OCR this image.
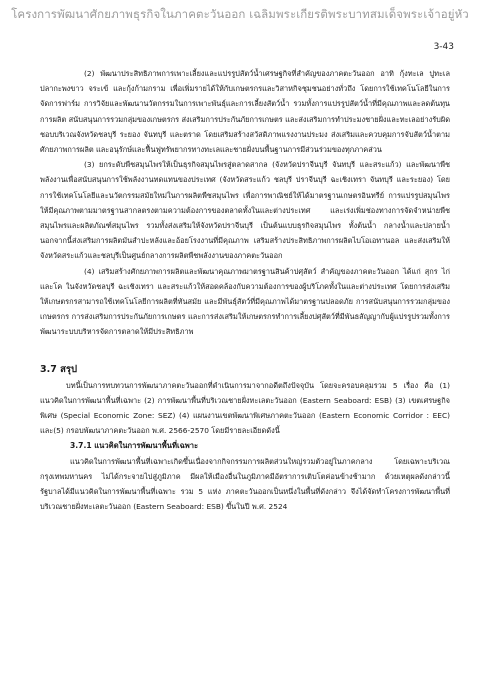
โครงการพัฒนาศักยภาพธุรกิจในภาคตะวันออก เฉลิมพระเกียรติพระบาทสมเด็จพระเจ้าอยู่หัว
3-43

(2) พัฒนาประสิทธิภาพการเพาะเลี้ยงและแปรรูปสัตว์น้ำเศรษฐกิจที่สำคัญของภาคตะวันออก อาทิ กุ้งทะเล ปูทะเล ปลากะพงขาว จระเข้ และกุ้งก้ามกราม เพื่อเพิ่มรายได้ให้กับเกษตรกรและวิสาหกิจชุมชนอย่างทั่วถึง โดยการใช้เทคโนโลยีในการจัดการฟาร์ม การวิจัยและพัฒนานวัตกรรมในการเพาะพันธุ์และการเลี้ยงสัตว์น้ำ รวมทั้งการแปรรูปสัตว์น้ำที่มีคุณภาพและลดต้นทุนการผลิต สนับสนุนการรวมกลุ่มของเกษตรกร ส่งเสริมการประกันภัยการเกษตร และส่งเสริมการทำประมงชายฝั่งและทะเลอย่างรับผิดชอบบริเวณจังหวัดชลบุรี ระยอง จันทบุรี และตราด โดยเสริมสร้างสวัสดิภาพแรงงานประมง ส่งเสริมและควบคุมการจับสัตว์น้ำตามศักยภาพการผลิต และอนุรักษ์และฟื้นฟูทรัพยากรทางทะเลและชายฝั่งบนพื้นฐานการมีส่วนร่วมของทุกภาคส่วน

(3) ยกระดับพืชสมุนไพรให้เป็นธุรกิจสมุนไพรสู่ตลาดสากล (จังหวัดปราจีนบุรี จันทบุรี และสระแก้ว) และพัฒนาพืชพลังงานเพื่อสนับสนุนการใช้พลังงานทดแทนของประเทศ (จังหวัดสระแก้ว ชลบุรี ปราจีนบุรี ฉะเชิงเทรา จันทบุรี และระยอง) โดยการใช้เทคโนโลยีและนวัตกรรมสมัยใหม่ในการผลิตพืชสมุนไพร เพื่อการพาณิชย์ให้ได้มาตรฐานเกษตรอินทรีย์ การแปรรูปสมุนไพรให้มีคุณภาพตามมาตรฐานสากลตรงตามความต้องการของตลาดทั้งในและต่างประเทศ และเร่งเพิ่มช่องทางการจัดจำหน่ายพืชสมุนไพรและผลิตภัณฑ์สมุนไพร รวมทั้งส่งเสริมให้จังหวัดปราจีนบุรี เป็นต้นแบบธุรกิจสมุนไพร ทั้งต้นน้ำ กลางน้ำและปลายน้ำ นอกจากนี้ส่งเสริมการผลิตมันสำปะหลังและอ้อยโรงงานที่มีคุณภาพ เสริมสร้างประสิทธิภาพการผลิตไบโอเอทานอล และส่งเสริมให้จังหวัดสระแก้วและชลบุรีเป็นศูนย์กลางการผลิตพืชพลังงานของภาคตะวันออก

(4) เสริมสร้างศักยภาพการผลิตและพัฒนาคุณภาพมาตรฐานสินค้าปศุสัตว์ สำคัญของภาคตะวันออก ได้แก่ สุกร ไก่ และโค ในจังหวัดชลบุรี ฉะเชิงเทรา และสระแก้วให้สอดคล้องกับความต้องการของผู้บริโภคทั้งในและต่างประเทศ โดยการส่งเสริมให้เกษตรกรสามารถใช้เทคโนโลยีการผลิตที่ทันสมัย และมีพันธุ์สัตว์ที่มีคุณภาพได้มาตรฐานปลอดภัย การสนับสนุนการรวมกลุ่มของเกษตรกร การส่งเสริมการประกันภัยการเกษตร และการส่งเสริมให้เกษตรกรทำการเลี้ยงปศุสัตว์ที่มีพันธสัญญากับผู้แปรรูปรวมทั้งการพัฒนาระบบบริหารจัดการตลาดให้มีประสิทธิภาพ

3.7 สรุป

บทนี้เป็นการทบทวนการพัฒนาภาคตะวันออกที่ดำเนินการมาจากอดีตถึงปัจจุบัน โดยจะครอบคลุมรวม 5 เรื่อง คือ (1) แนวคิดในการพัฒนาพื้นที่เฉพาะ (2) การพัฒนาพื้นที่บริเวณชายฝั่งทะเลตะวันออก (Eastern Seaboard: ESB) (3) เขตเศรษฐกิจพิเศษ (Special Economic Zone: SEZ) (4) แผนงานเขตพัฒนาพิเศษภาคตะวันออก (Eastern Economic Corridor : EEC) และ(5) กรอบพัฒนาภาคตะวันออก พ.ศ. 2566-2570 โดยมีรายละเอียดดังนี้

3.7.1 แนวคิดในการพัฒนาพื้นที่เฉพาะ

แนวคิดในการพัฒนาพื้นที่เฉพาะเกิดขึ้นเนื่องจากกิจกรรมการผลิตส่วนใหญ่รวมตัวอยู่ในภาคกลาง โดยเฉพาะบริเวณกรุงเทพมหานคร ไม่ได้กระจายไปสู่ภูมิภาค มีผลให้เมืองอื่นในภูมิภาคมีอัตราการเติบโตค่อนข้างช้ามาก ด้วยเหตุผลดังกล่าวนี้ รัฐบาลได้มีแนวคิดในการพัฒนาพื้นที่เฉพาะ รวม 5 แห่ง ภาคตะวันออกเป็นหนึ่งในพื้นที่ดังกล่าว จึงได้จัดทำโครงการพัฒนาพื้นที่บริเวณชายฝั่งทะเลตะวันออก (Eastern Seaboard: ESB) ขึ้นในปี พ.ศ. 2524
